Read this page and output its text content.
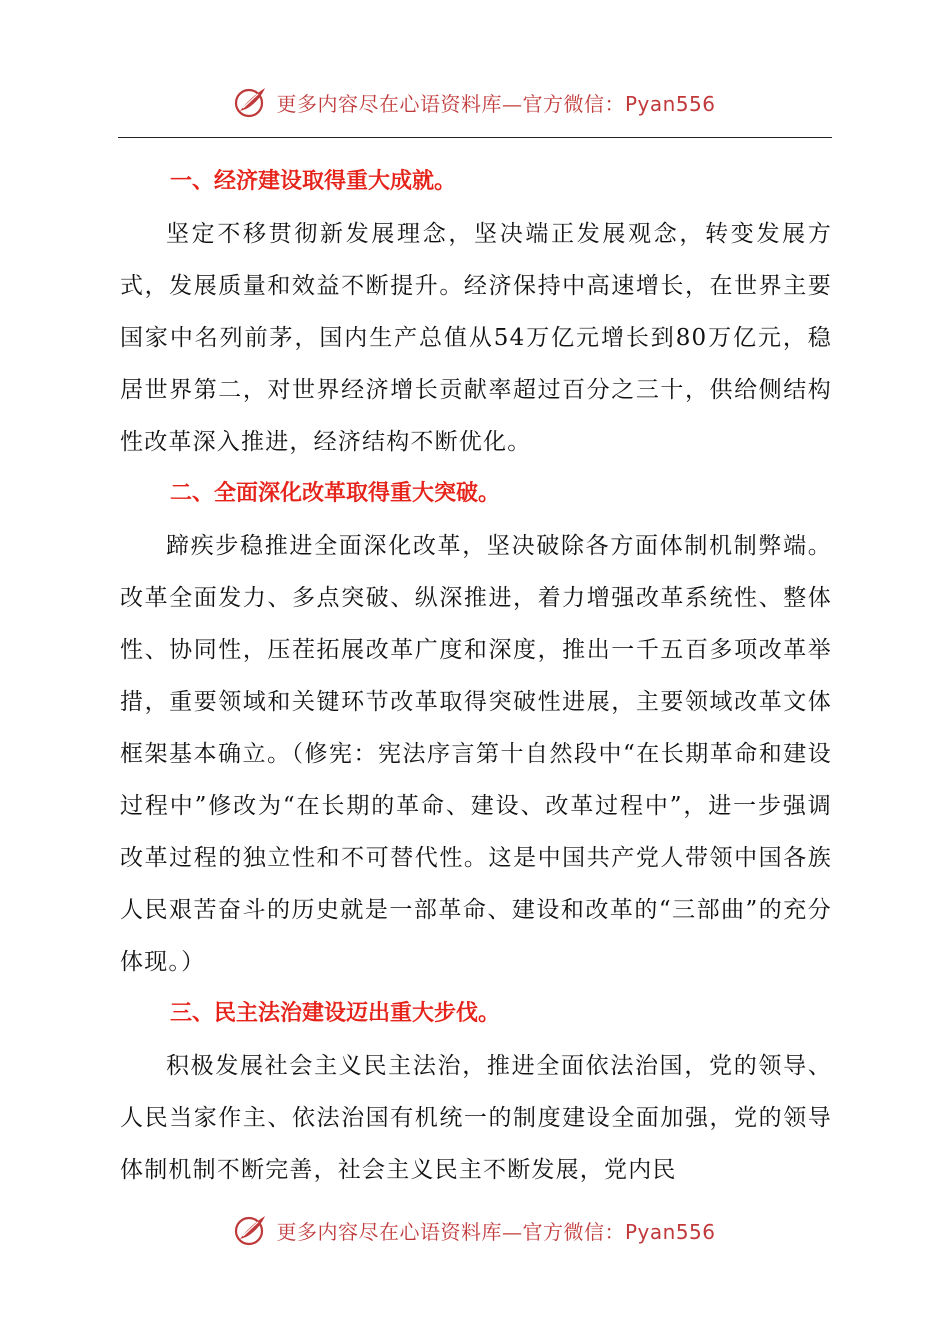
更多内容尽在心语资料库—官方微信：Pyan556
一、经济建设取得重大成就。

坚定不移贯彻新发展理念，坚决端正发展观念，转变发展方式，发展质量和效益不断提升。经济保持中高速增长，在世界主要国家中名列前茅，国内生产总值从54万亿元增长到80万亿元，稳居世界第二，对世界经济增长贡献率超过百分之三十，供给侧结构性改革深入推进，经济结构不断优化。

二、全面深化改革取得重大突破。

蹄疾步稳推进全面深化改革，坚决破除各方面体制机制弊端。改革全面发力、多点突破、纵深推进，着力增强改革系统性、整体性、协同性，压茬拓展改革广度和深度，推出一千五百多项改革举措，重要领域和关键环节改革取得突破性进展，主要领域改革文体框架基本确立。（修宪：宪法序言第十自然段中“在长期革命和建设过程中”修改为“在长期的革命、建设、改革过程中”，进一步强调改革过程的独立性和不可替代性。这是中国共产党人带领中国各族人民艰苦奋斗的历史就是一部革命、建设和改革的“三部曲”的充分体现。）

三、民主法治建设迈出重大步伐。

积极发展社会主义民主法治，推进全面依法治国，党的领导、人民当家作主、依法治国有机统一的制度建设全面加强，党的领导体制机制不断完善，社会主义民主不断发展，党内民

更多内容尽在心语资料库—官方微信：Pyan556
